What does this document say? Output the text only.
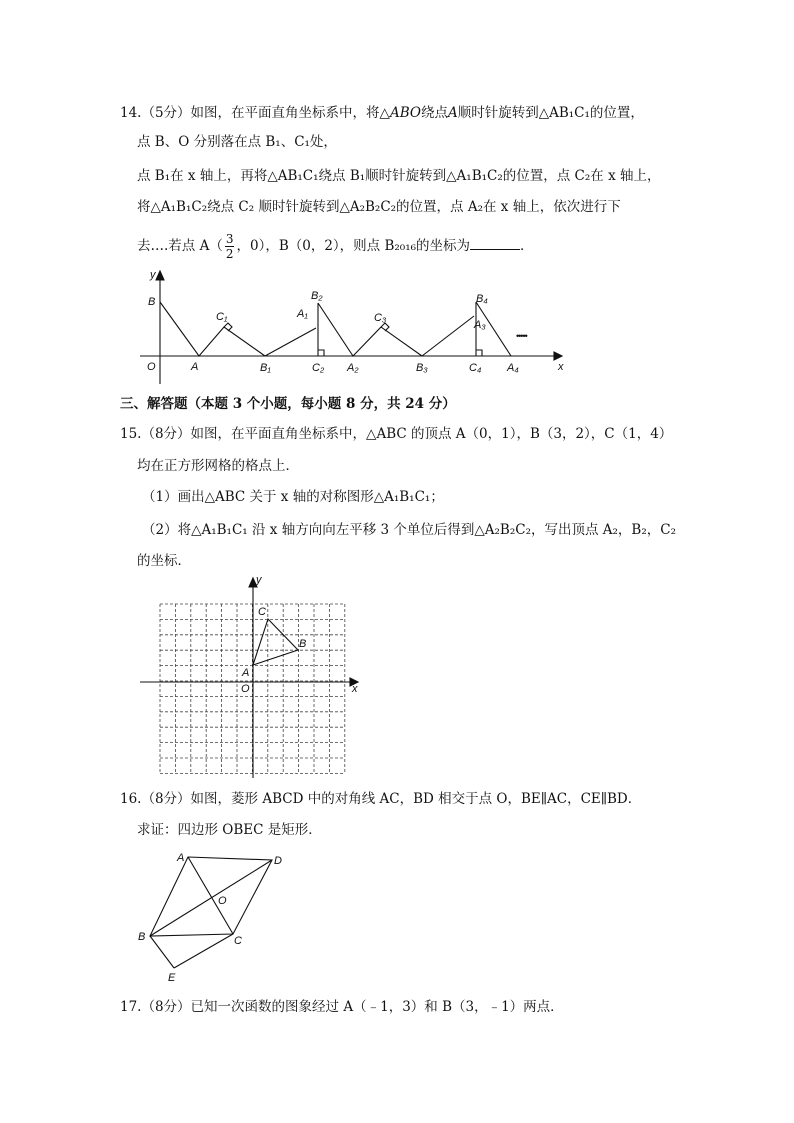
14.（5分）如图，在平面直角坐标系中，将△ABO绕点A顺时针旋转到△AB₁C₁的位置，
点 B、O 分别落在点 B₁、C₁处，
点 B₁在 x 轴上，再将△AB₁C₁绕点 B₁顺时针旋转到△A₁B₁C₂的位置，点 C₂在 x 轴上，
将△A₁B₁C₂绕点 C₂ 顺时针旋转到△A₂B₂C₂的位置，点 A₂在 x 轴上，依次进行下
去….若点 $A( \frac{3}{2}$ ，0），B（0，2），则点 B₂₀₁₆的坐标为	．
y
x
O
B
A
C₁
B₁
B₂
A₁
C₂
C₃
A₂	B₃
B₄
A₃
C₄ A₄
•••••
三、解答题（本题 3 个小题，每小题 8 分，共 24 分）
15.（8分）如图，在平面直角坐标系中，△ABC 的顶点 A（0，1），B（3，2），C（1，4）
均在正方形网格的格点上．
（1）画出△ABC 关于 x 轴的对称图形△A₁B₁C₁；
（2）将△A₁B₁C₁ 沿 x 轴方向向左平移 3 个单位后得到△A₂B₂C₂，写出顶点 A₂，B₂，C₂
的坐标．
y
x
O
A
B
C
16.（8分）如图，菱形 ABCD 中的对角线 AC，BD 相交于点 O，BE∥AC，CE∥BD．
求证：四边形 OBEC 是矩形．
A	D
O
B	C
E
17.（8分）已知一次函数的图象经过 A（﹣1，3）和 B（3，﹣1）两点．
